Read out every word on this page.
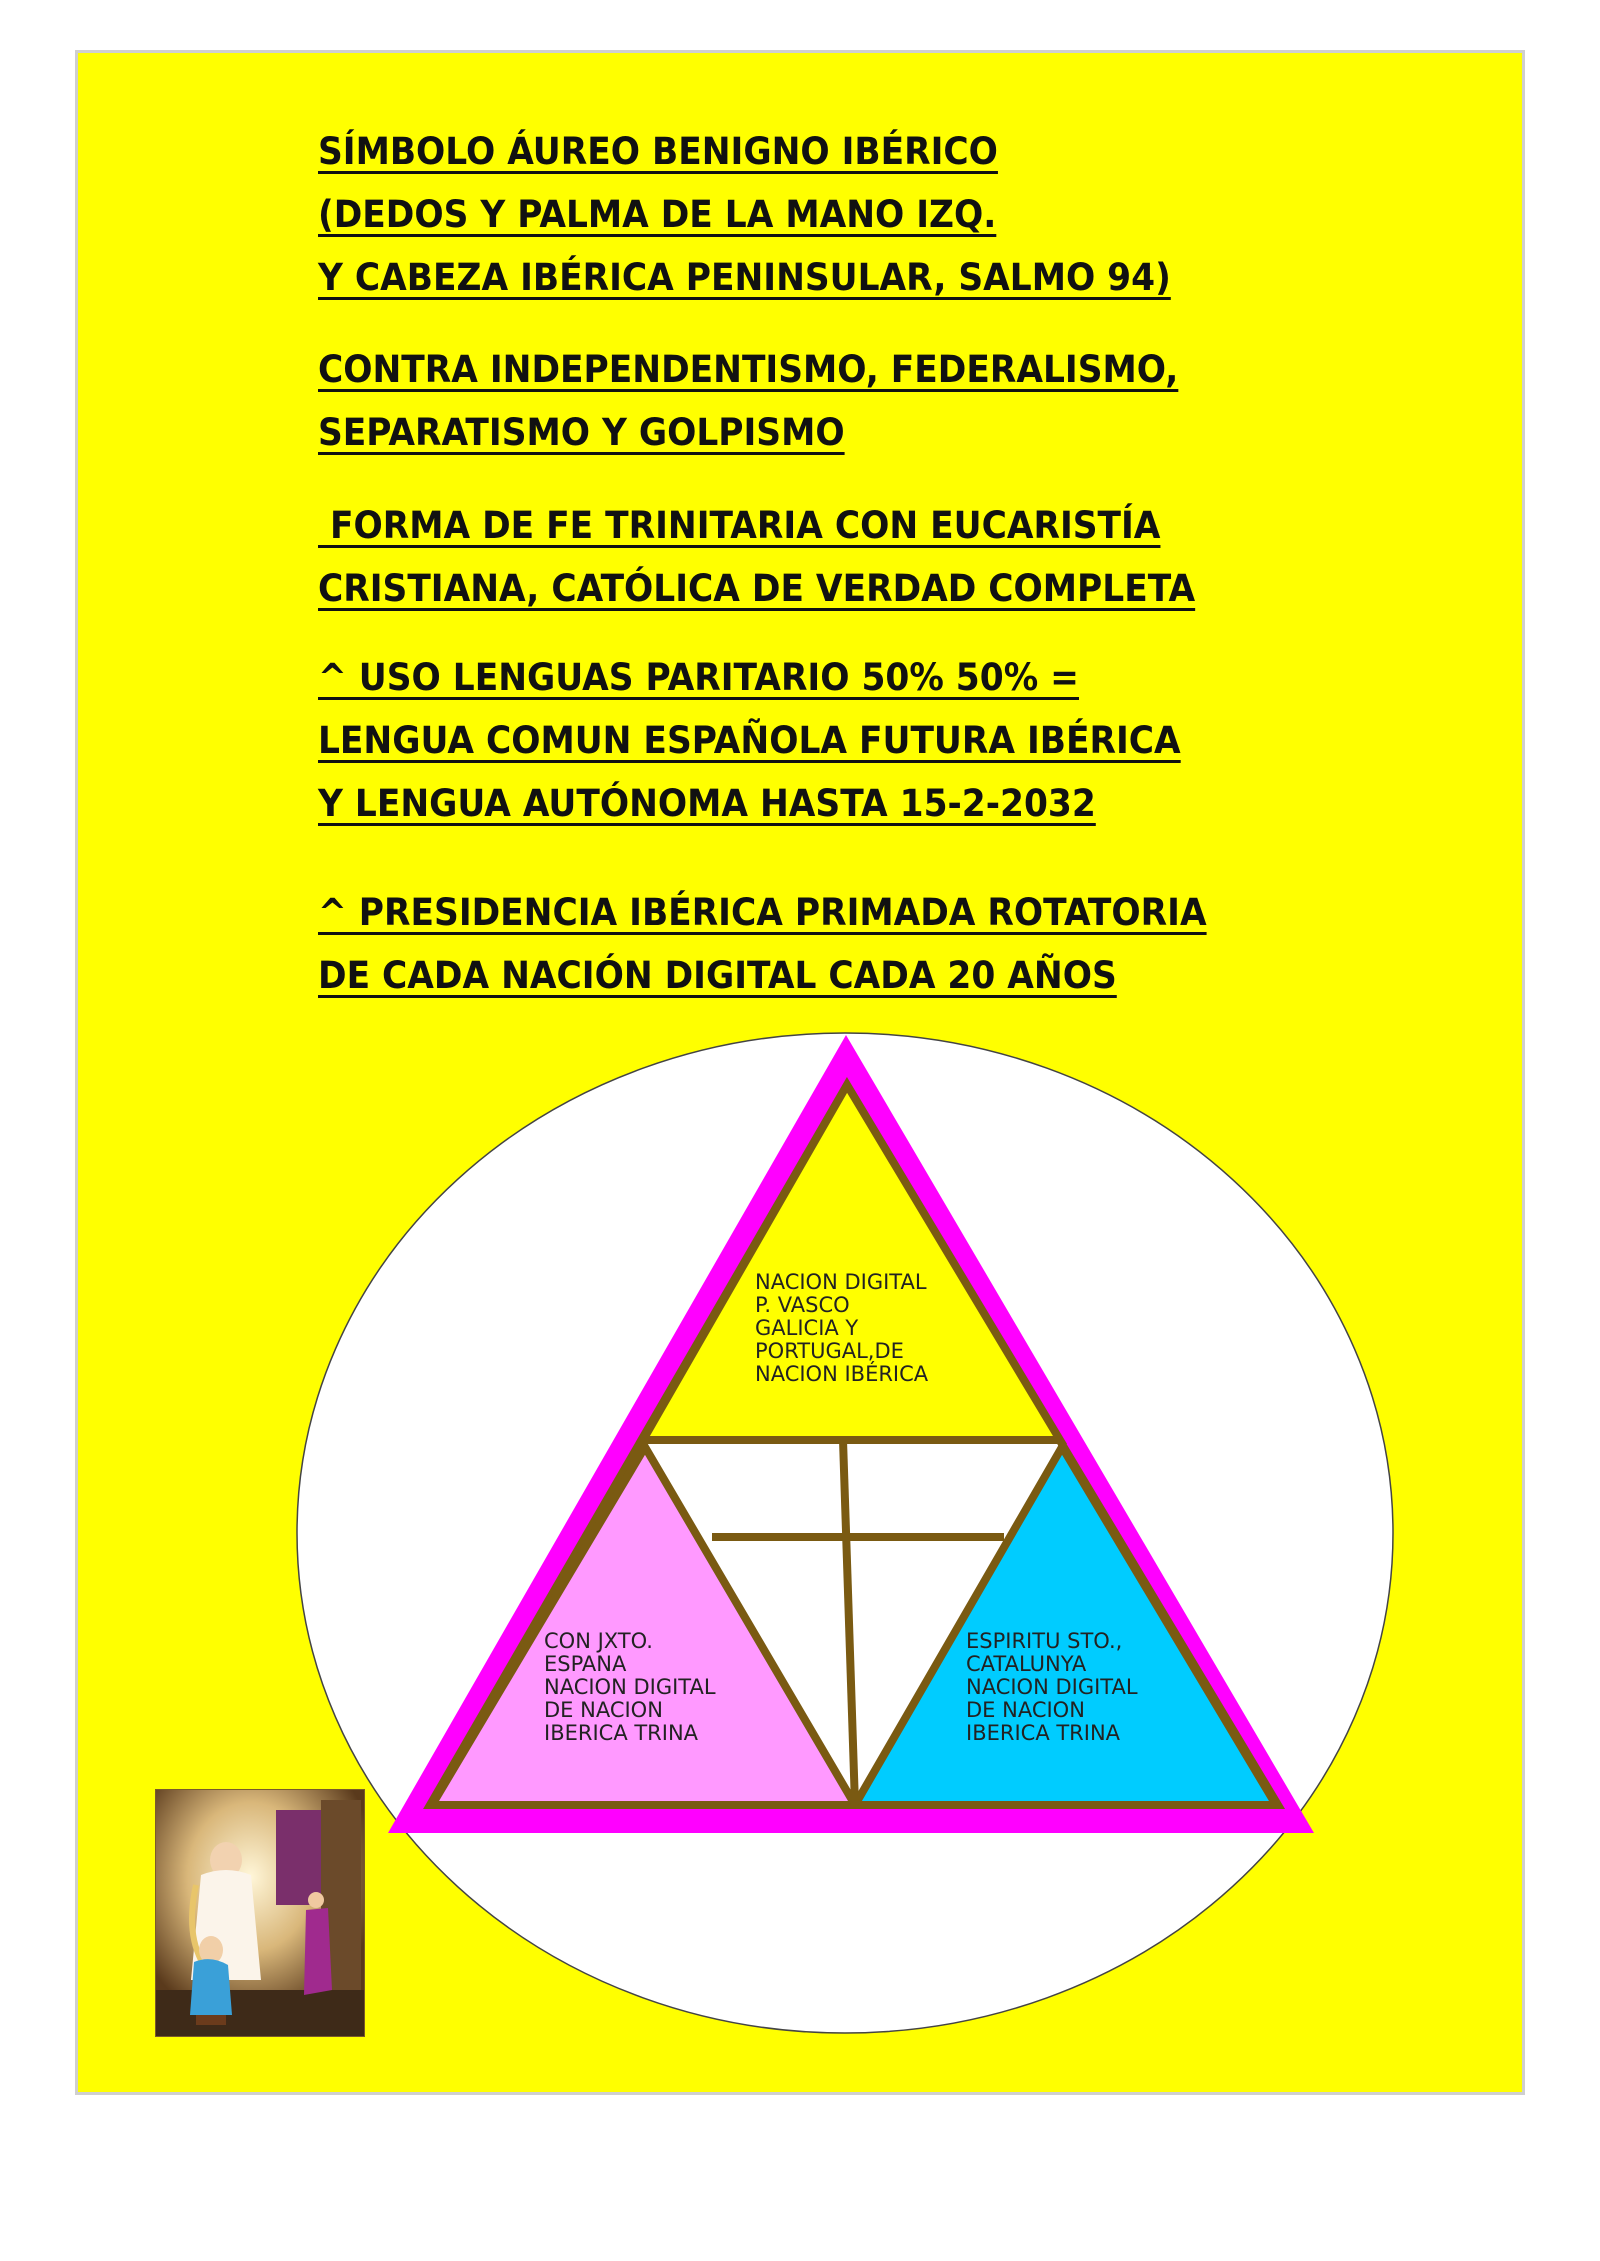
SÍMBOLO ÁUREO BENIGNO IBÉRICO
(DEDOS Y PALMA DE LA MANO IZQ.
Y CABEZA IBÉRICA PENINSULAR, SALMO 94)
CONTRA INDEPENDENTISMO, FEDERALISMO,
SEPARATISMO Y GOLPISMO
FORMA DE FE TRINITARIA CON EUCARISTÍA
CRISTIANA, CATÓLICA DE VERDAD COMPLETA
^ USO LENGUAS PARITARIO 50% 50% =
LENGUA COMUN ESPAÑOLA FUTURA IBÉRICA
Y LENGUA AUTÓNOMA HASTA 15-2-2032
^ PRESIDENCIA IBÉRICA PRIMADA ROTATORIA
DE CADA NACIÓN DIGITAL CADA 20 AÑOS
NACION DIGITAL P. VASCO GALICIA Y PORTUGAL,DE NACION IBÉRICA
CON JXTO. ESPANA NACION DIGITAL DE NACION IBERICA TRINA
ESPIRITU STO., CATALUNYA NACION DIGITAL DE NACION IBERICA TRINA
